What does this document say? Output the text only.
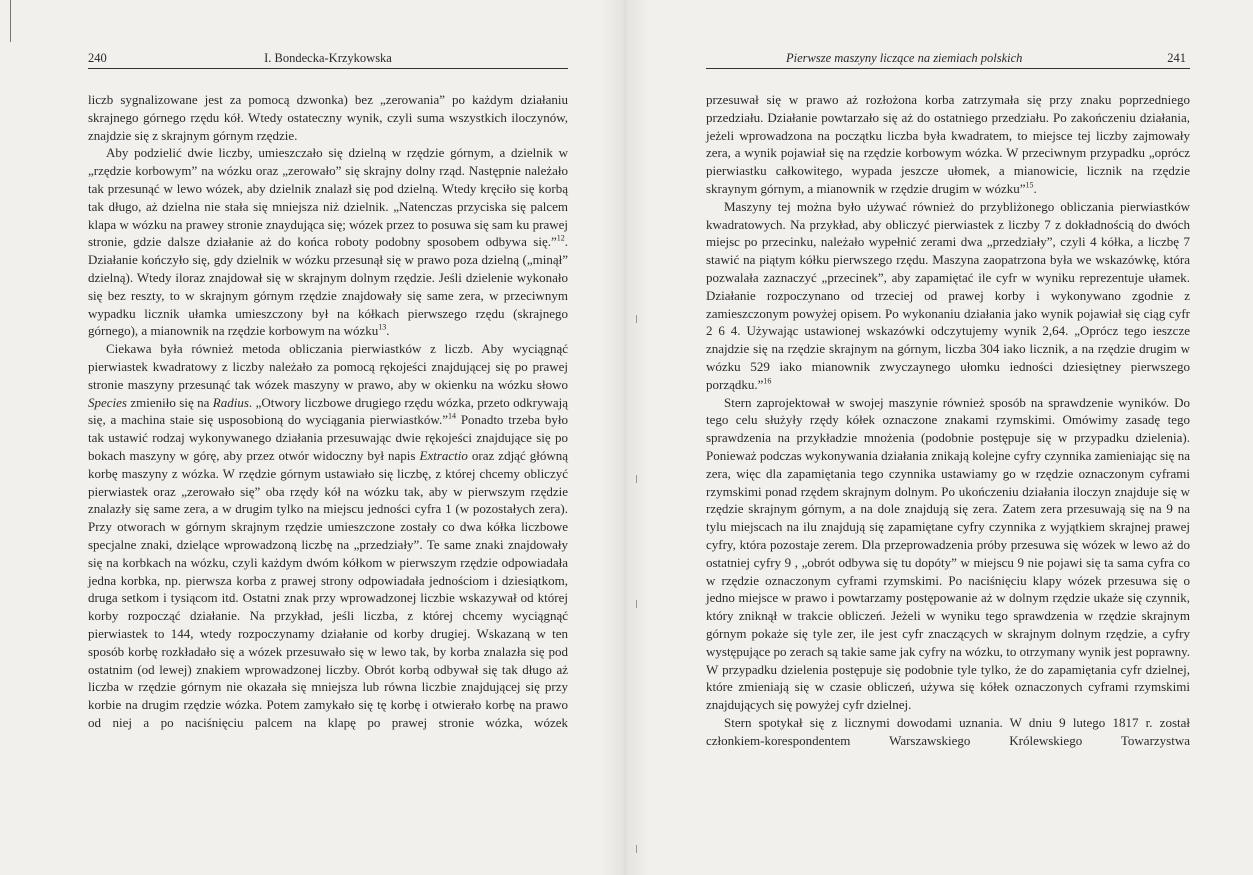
240	I. Bondecka-Krzykowska

liczb sygnalizowane jest za pomocą dzwonka) bez „zerowania” po każdym działaniu skrajnego górnego rzędu kół. Wtedy ostateczny wynik, czyli suma wszystkich iloczynów, znajdzie się z skrajnym górnym rzędzie.

Aby podzielić dwie liczby, umieszczało się dzielną w rzędzie górnym, a dzielnik w „rzędzie korbowym” na wózku oraz „zerowało” się skrajny dolny rząd. Następnie należało tak przesunąć w lewo wózek, aby dzielnik znalazł się pod dzielną. Wtedy kręciło się korbą tak długo, aż dzielna nie stała się mniejsza niż dzielnik. „Natenczas przyciska się palcem klapa w wózku na prawey stronie znaydująca się; wózek przez to posuwa się sam ku prawej stronie, gdzie dalsze działanie aż do końca roboty podobny sposobem odbywa się.”$^{12}$. Działanie kończyło się, gdy dzielnik w wózku przesunął się w prawo poza dzielną („minął” dzielną). Wtedy iloraz znajdował się w skrajnym dolnym rzędzie. Jeśli dzielenie wykonało się bez reszty, to w skrajnym górnym rzędzie znajdowały się same zera, w przeciwnym wypadku licznik ułamka umieszczony był na kółkach pierwszego rzędu (skrajnego górnego), a mianownik na rzędzie korbowym na wózku$^{13}$.

Ciekawa była również metoda obliczania pierwiastków z liczb. Aby wyciągnąć pierwiastek kwadratowy z liczby należało za pomocą rękojeści znajdującej się po prawej stronie maszyny przesunąć tak wózek maszyny w prawo, aby w okienku na wózku słowo Species zmieniło się na Radius. „Otwory liczbowe drugiego rzędu wózka, przeto odkrywają się, a machina staie się usposobioną do wyciągania pierwiastków.”$^{14}$ Ponadto trzeba było tak ustawić rodzaj wykonywanego działania przesuwając dwie rękojeści znajdujące się po bokach maszyny w górę, aby przez otwór widoczny był napis Extractio oraz zdjąć główną korbę maszyny z wózka. W rzędzie górnym ustawiało się liczbę, z której chcemy obliczyć pierwiastek oraz „zerowało się” oba rzędy kół na wózku tak, aby w pierwszym rzędzie znalazły się same zera, a w drugim tylko na miejscu jedności cyfra 1 (w pozostałych zera). Przy otworach w górnym skrajnym rzędzie umieszczone zostały co dwa kółka liczbowe specjalne znaki, dzielące wprowadzoną liczbę na „przedziały”. Te same znaki znajdowały się na korbkach na wózku, czyli każdym dwóm kółkom w pierwszym rzędzie odpowiadała jedna korbka, np. pierwsza korba z prawej strony odpowiadała jednościom i dziesiątkom, druga setkom i tysiącom itd. Ostatni znak przy wprowadzonej liczbie wskazywał od której korby rozpocząć działanie. Na przykład, jeśli liczba, z której chcemy wyciągnąć pierwiastek to 144, wtedy rozpoczynamy działanie od korby drugiej. Wskazaną w ten sposób korbę rozkładało się a wózek przesuwało się w lewo tak, by korba znalazła się pod ostatnim (od lewej) znakiem wprowadzonej liczby. Obrót korbą odbywał się tak długo aż liczba w rzędzie górnym nie okazała się mniejsza lub równa liczbie znajdującej się przy korbie na drugim rzędzie wózka. Potem zamykało się tę korbę i otwierało korbę na prawo od niej a po naciśnięciu palcem na klapę po prawej stronie wózka, wózek

Pierwsze maszyny liczące na ziemiach polskich	241

przesuwał się w prawo aż rozłożona korba zatrzymała się przy znaku poprzedniego przedziału. Działanie powtarzało się aż do ostatniego przedziału. Po zakończeniu działania, jeżeli wprowadzona na początku liczba była kwadratem, to miejsce tej liczby zajmowały zera, a wynik pojawiał się na rzędzie korbowym wózka. W przeciwnym przypadku „oprócz pierwiastku całkowitego, wypada jeszcze ułomek, a mianowicie, licznik na rzędzie skraynym górnym, a mianownik w rzędzie drugim w wózku”$^{15}$.

Maszyny tej można było używać również do przybliżonego obliczania pierwiastków kwadratowych. Na przykład, aby obliczyć pierwiastek z liczby 7 z dokładnością do dwóch miejsc po przecinku, należało wypełnić zerami dwa „przedziały”, czyli 4 kółka, a liczbę 7 stawić na piątym kółku pierwszego rzędu. Maszyna zaopatrzona była we wskazówkę, która pozwalała zaznaczyć „przecinek”, aby zapamiętać ile cyfr w wyniku reprezentuje ułamek. Działanie rozpoczynano od trzeciej od prawej korby i wykonywano zgodnie z zamieszczonym powyżej opisem. Po wykonaniu działania jako wynik pojawiał się ciąg cyfr 2 6 4. Używając ustawionej wskazówki odczytujemy wynik 2,64. „Oprócz tego ieszcze znajdzie się na rzędzie skrajnym na górnym, liczba 304 iako licznik, a na rzędzie drugim w wózku 529 iako mianownik zwyczaynego ułomku iedności dziesiętney pierwszego porządku.”$^{16}$

Stern zaprojektował w swojej maszynie również sposób na sprawdzenie wyników. Do tego celu służyły rzędy kółek oznaczone znakami rzymskimi. Omówimy zasadę tego sprawdzenia na przykładzie mnożenia (podobnie postępuje się w przypadku dzielenia). Ponieważ podczas wykonywania działania znikają kolejne cyfry czynnika zamieniając się na zera, więc dla zapamiętania tego czynnika ustawiamy go w rzędzie oznaczonym cyframi rzymskimi ponad rzędem skrajnym dolnym. Po ukończeniu działania iloczyn znajduje się w rzędzie skrajnym górnym, a na dole znajdują się zera. Zatem zera przesuwają się na 9 na tylu miejscach na ilu znajdują się zapamiętane cyfry czynnika z wyjątkiem skrajnej prawej cyfry, która pozostaje zerem. Dla przeprowadzenia próby przesuwa się wózek w lewo aż do ostatniej cyfry 9 , „obrót odbywa się tu dopóty” w miejscu 9 nie pojawi się ta sama cyfra co w rzędzie oznaczonym cyframi rzymskimi. Po naciśnięciu klapy wózek przesuwa się o jedno miejsce w prawo i powtarzamy postępowanie aż w dolnym rzędzie ukaże się czynnik, który zniknął w trakcie obliczeń. Jeżeli w wyniku tego sprawdzenia w rzędzie skrajnym górnym pokaże się tyle zer, ile jest cyfr znaczących w skrajnym dolnym rzędzie, a cyfry występujące po zerach są takie same jak cyfry na wózku, to otrzymany wynik jest poprawny. W przypadku dzielenia postępuje się podobnie tyle tylko, że do zapamiętania cyfr dzielnej, które zmieniają się w czasie obliczeń, używa się kółek oznaczonych cyframi rzymskimi znajdujących się powyżej cyfr dzielnej.

Stern spotykał się z licznymi dowodami uznania. W dniu 9 lutego 1817 r. został członkiem-korespondentem Warszawskiego Królewskiego Towarzystwa
